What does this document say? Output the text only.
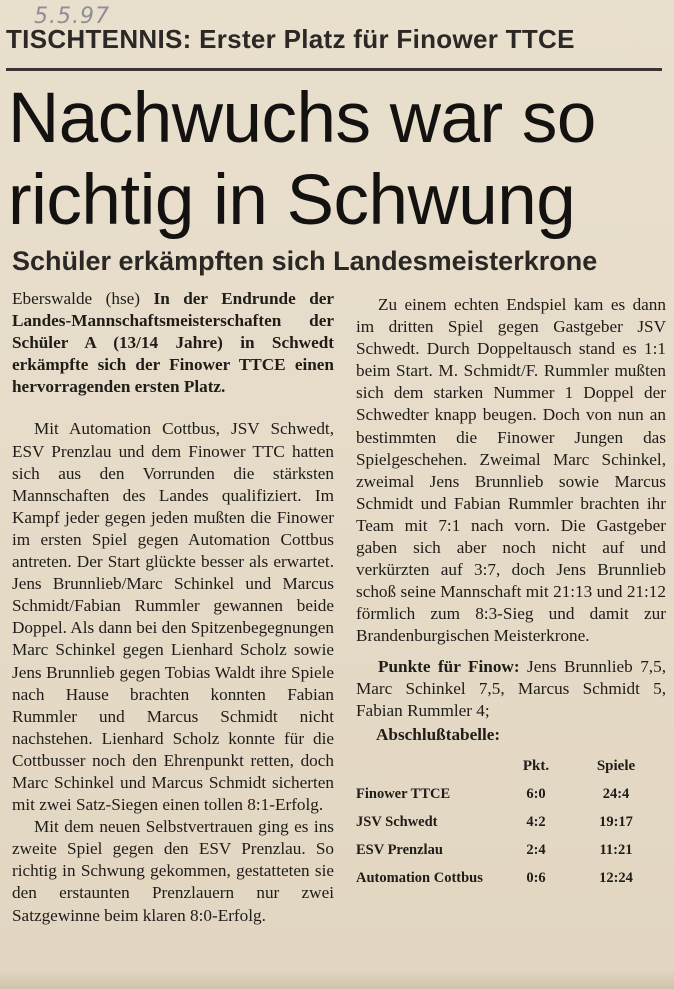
5.5.97

TISCHTENNIS: Erster Platz für Finower TTCE
Nachwuchs war so richtig in Schwung
Schüler erkämpften sich Landesmeisterkrone

Eberswalde (hse) In der Endrunde der Landes-Mannschaftsmeisterschaften der Schüler A (13/14 Jahre) in Schwedt erkämpfte sich der Finower TTCE einen hervorragenden ersten Platz.

Mit Automation Cottbus, JSV Schwedt, ESV Prenzlau und dem Finower TTC hatten sich aus den Vorrunden die stärksten Mannschaften des Landes qualifiziert. Im Kampf jeder gegen jeden mußten die Finower im ersten Spiel gegen Automation Cottbus antreten. Der Start glückte besser als erwartet. Jens Brunnlieb/Marc Schinkel und Marcus Schmidt/Fabian Rummler gewannen beide Doppel. Als dann bei den Spitzenbegegnungen Marc Schinkel gegen Lienhard Scholz sowie Jens Brunnlieb gegen Tobias Waldt ihre Spiele nach Hause brachten konnten Fabian Rummler und Marcus Schmidt nicht nachstehen. Lienhard Scholz konnte für die Cottbusser noch den Ehrenpunkt retten, doch Marc Schinkel und Marcus Schmidt sicherten mit zwei Satz-Siegen einen tollen 8:1-Erfolg.

Mit dem neuen Selbstvertrauen ging es ins zweite Spiel gegen den ESV Prenzlau. So richtig in Schwung gekommen, gestatteten sie den erstaunten Prenzlauern nur zwei Satzgewinne beim klaren 8:0-Erfolg.

Zu einem echten Endspiel kam es dann im dritten Spiel gegen Gastgeber JSV Schwedt. Durch Doppeltausch stand es 1:1 beim Start. M. Schmidt/F. Rummler mußten sich dem starken Nummer 1 Doppel der Schwedter knapp beugen. Doch von nun an bestimmten die Finower Jungen das Spielgeschehen. Zweimal Marc Schinkel, zweimal Jens Brunnlieb sowie Marcus Schmidt und Fabian Rummler brachten ihr Team mit 7:1 nach vorn. Die Gastgeber gaben sich aber noch nicht auf und verkürzten auf 3:7, doch Jens Brunnlieb schoß seine Mannschaft mit 21:13 und 21:12 förmlich zum 8:3-Sieg und damit zur Brandenburgischen Meisterkrone.

Punkte für Finow: Jens Brunnlieb 7,5, Marc Schinkel 7,5, Marcus Schmidt 5, Fabian Rummler 4;

Abschlußtabelle:

	Pkt.	Spiele
Finower TTCE	6:0	24:4
JSV Schwedt	4:2	19:17
ESV Prenzlau	2:4	11:21
Automation Cottbus	0:6	12:24
